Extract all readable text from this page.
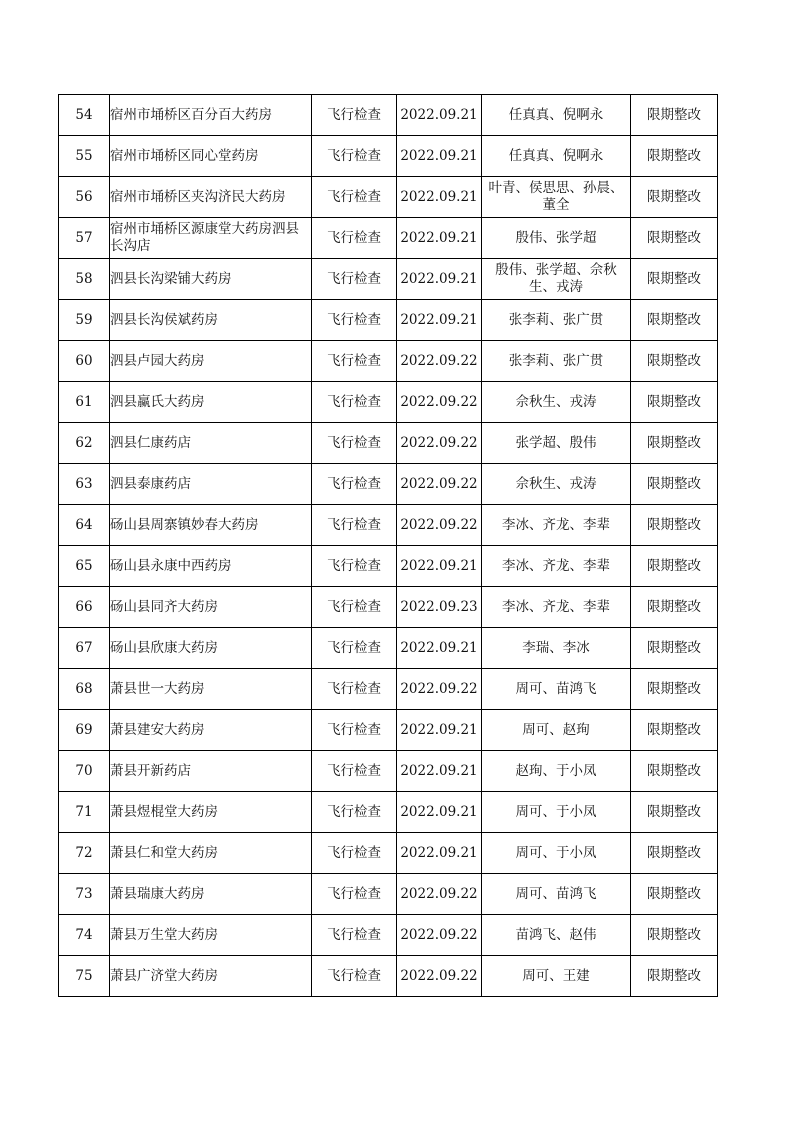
54	宿州市埇桥区百分百大药房	飞行检查	2022.09.21	任真真、倪啊永	限期整改
55	宿州市埇桥区同心堂药房	飞行检查	2022.09.21	任真真、倪啊永	限期整改
56	宿州市埇桥区夹沟济民大药房	飞行检查	2022.09.21	叶青、侯思思、孙晨、董全	限期整改
57	宿州市埇桥区源康堂大药房泗县长沟店	飞行检查	2022.09.21	殷伟、张学超	限期整改
58	泗县长沟梁铺大药房	飞行检查	2022.09.21	殷伟、张学超、佘秋生、戎涛	限期整改
59	泗县长沟侯斌药房	飞行检查	2022.09.21	张李莉、张广贯	限期整改
60	泗县卢园大药房	飞行检查	2022.09.22	张李莉、张广贯	限期整改
61	泗县赢氏大药房	飞行检查	2022.09.22	佘秋生、戎涛	限期整改
62	泗县仁康药店	飞行检查	2022.09.22	张学超、殷伟	限期整改
63	泗县泰康药店	飞行检查	2022.09.22	佘秋生、戎涛	限期整改
64	砀山县周寨镇妙春大药房	飞行检查	2022.09.22	李冰、齐龙、李辈	限期整改
65	砀山县永康中西药房	飞行检查	2022.09.21	李冰、齐龙、李辈	限期整改
66	砀山县同齐大药房	飞行检查	2022.09.23	李冰、齐龙、李辈	限期整改
67	砀山县欣康大药房	飞行检查	2022.09.21	李瑞、李冰	限期整改
68	萧县世一大药房	飞行检查	2022.09.22	周可、苗鸿飞	限期整改
69	萧县建安大药房	飞行检查	2022.09.21	周可、赵珣	限期整改
70	萧县开新药店	飞行检查	2022.09.21	赵珣、于小凤	限期整改
71	萧县煜棍堂大药房	飞行检查	2022.09.21	周可、于小凤	限期整改
72	萧县仁和堂大药房	飞行检查	2022.09.21	周可、于小凤	限期整改
73	萧县瑞康大药房	飞行检查	2022.09.22	周可、苗鸿飞	限期整改
74	萧县万生堂大药房	飞行检查	2022.09.22	苗鸿飞、赵伟	限期整改
75	萧县广济堂大药房	飞行检查	2022.09.22	周可、王建	限期整改
